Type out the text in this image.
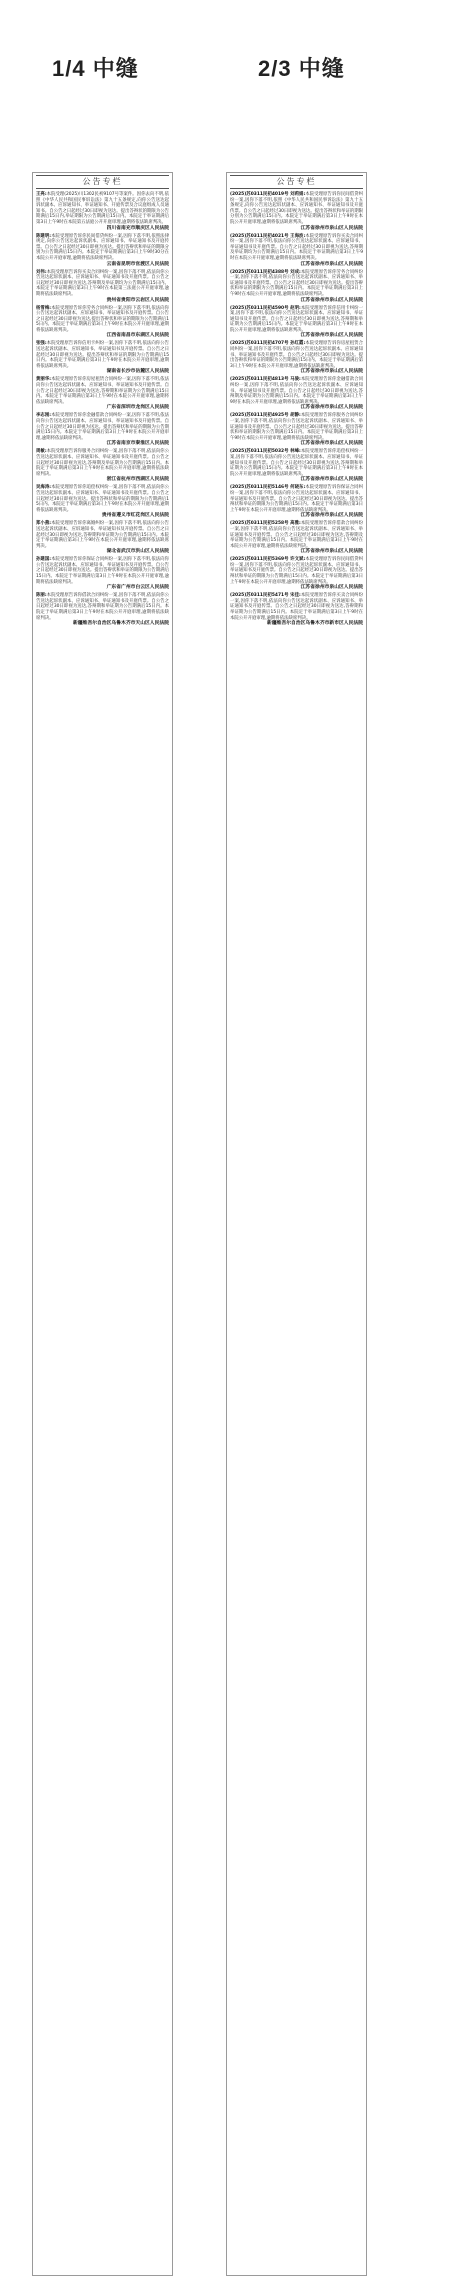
1/4 中缝	2/3 中缝
公告专栏
王亮:本院受理(2025)川1302民初9107号等案件。因你去向不明,依照《中华人民共和国民事诉讼法》第九十五条规定,向你公告送达起诉状副本、应诉通知书、举证通知书、开庭传票及合议庭组成人员通知书。自公告之日起经过30日即视为送达。提出答辩状的期限为公告期满后15日内,举证期限为公告期满后15日内。本院定于举证期满后第3日上午9时在本院第五法庭公开开庭审理,逾期将依法缺席判决。
四川省南充市顺庆区人民法院
陈建明:本院受理原告诉你民间借贷纠纷一案,因你下落不明,依照法律规定,向你公告送达起诉状副本、应诉通知书、举证通知书及开庭传票。自公告之日起经过30日即视为送达。提出答辩状和举证的期限分别为公告期满后15日内。本院定于举证期满后第3日上午9时30分在本院公开开庭审理,逾期将依法缺席判决。
云南省昆明市官渡区人民法院
刘伟:本院受理原告诉你买卖合同纠纷一案,因你下落不明,依法向你公告送达起诉状副本、应诉通知书、举证通知书及开庭传票。自公告之日起经过30日即视为送达,答辩期及举证期均为公告期满后15日内。本院定于举证期满后第3日上午9时在本院第三法庭公开开庭审理,逾期将依法缺席判决。
贵州省贵阳市云岩区人民法院
杨雪梅:本院受理原告诉你劳务合同纠纷一案,因你下落不明,依法向你公告送达起诉状副本、应诉通知书、举证通知书及开庭传票。自公告之日起经过30日即视为送达,提出答辩状和举证的期限为公告期满后15日内。本院定于举证期满后第3日上午9时在本院公开开庭审理,逾期将依法缺席判决。
江西省南昌市东湖区人民法院
张强:本院受理原告诉你信用卡纠纷一案,因你下落不明,依法向你公告送达起诉状副本、应诉通知书、举证通知书及开庭传票。自公告之日起经过30日即视为送达。提出答辩状和举证的期限为公告期满后15日内。本院定于举证期满后第3日上午9时在本院公开开庭审理,逾期将依法缺席判决。
湖南省长沙市岳麓区人民法院
黄丽华:本院受理原告诉你房屋租赁合同纠纷一案,因你下落不明,依法向你公告送达起诉状副本、应诉通知书、举证通知书及开庭传票。自公告之日起经过30日即视为送达,答辩期和举证期为公告期满后15日内。本院定于举证期满后第3日上午9时在本院公开开庭审理,逾期将依法缺席判决。
广东省深圳市龙岗区人民法院
李志刚:本院受理原告诉你金融借款合同纠纷一案,因你下落不明,依法向你公告送达起诉状副本、应诉通知书、举证通知书及开庭传票。自公告之日起经过30日即视为送达。提出答辩状和举证的期限为公告期满后15日内。本院定于举证期满后第3日上午9时在本院公开开庭审理,逾期将依法缺席判决。
江苏省南京市秦淮区人民法院
周敏:本院受理原告诉你服务合同纠纷一案,因你下落不明,依法向你公告送达起诉状副本、应诉通知书、举证通知书及开庭传票。自公告之日起经过30日即视为送达,答辩期及举证期为公告期满后15日内。本院定于举证期满后第3日上午9时在本院公开开庭审理,逾期将依法缺席判决。
浙江省杭州市西湖区人民法院
吴海涛:本院受理原告诉你追偿权纠纷一案,因你下落不明,依法向你公告送达起诉状副本、应诉通知书、举证通知书及开庭传票。自公告之日起经过30日即视为送达。提出答辩状和举证的期限为公告期满后15日内。本院定于举证期满后第3日上午9时在本院公开开庭审理,逾期将依法缺席判决。
贵州省遵义市红花岗区人民法院
郑小燕:本院受理原告诉你离婚纠纷一案,因你下落不明,依法向你公告送达起诉状副本、应诉通知书、举证通知书及开庭传票。自公告之日起经过30日即视为送达,答辩期和举证期为公告期满后15日内。本院定于举证期满后第3日上午9时在本院公开开庭审理,逾期将依法缺席判决。
湖北省武汉市洪山区人民法院
孙建国:本院受理原告诉你保证合同纠纷一案,因你下落不明,依法向你公告送达起诉状副本、应诉通知书、举证通知书及开庭传票。自公告之日起经过30日即视为送达。提出答辩状和举证的期限为公告期满后15日内。本院定于举证期满后第3日上午9时在本院公开开庭审理,逾期将依法缺席判决。
广东省广州市白云区人民法院
陈丽:本院受理原告诉你借款合同纠纷一案,因你下落不明,依法向你公告送达起诉状副本、应诉通知书、举证通知书及开庭传票。自公告之日起经过30日即视为送达,答辩期和举证期为公告期满后15日内。本院定于举证期满后第3日上午9时在本院公开开庭审理,逾期将依法缺席判决。
新疆维吾尔自治区乌鲁木齐市天山区人民法院
公告专栏
(2025)苏0311民初4019号 刘莉娟:本院受理原告诉你民间借贷纠纷一案,因你下落不明,依照《中华人民共和国民事诉讼法》第九十五条规定,向你公告送达起诉状副本、应诉通知书、举证通知书及开庭传票。自公告之日起经过30日即视为送达。提出答辩状和举证的期限分别为公告期满后15日内。本院定于举证期满后第3日上午9时在本院公开开庭审理,逾期将依法缺席判决。
江苏省徐州市泉山区人民法院
(2025)苏0311民初4021号 王海波:本院受理原告诉你买卖合同纠纷一案,因你下落不明,依法向你公告送达起诉状副本、应诉通知书、举证通知书及开庭传票。自公告之日起经过30日即视为送达,答辩期及举证期均为公告期满后15日内。本院定于举证期满后第3日上午9时在本院公开开庭审理,逾期将依法缺席判决。
江苏省徐州市泉山区人民法院
(2025)苏0311民初4388号 刘成:本院受理原告诉你劳务合同纠纷一案,因你下落不明,依法向你公告送达起诉状副本、应诉通知书、举证通知书及开庭传票。自公告之日起经过30日即视为送达。提出答辩状和举证的期限为公告期满后15日内。本院定于举证期满后第3日上午9时在本院公开开庭审理,逾期将依法缺席判决。
江苏省徐州市泉山区人民法院
(2025)苏0311民初4590号 赵明:本院受理原告诉你信用卡纠纷一案,因你下落不明,依法向你公告送达起诉状副本、应诉通知书、举证通知书及开庭传票。自公告之日起经过30日即视为送达,答辩期和举证期为公告期满后15日内。本院定于举证期满后第3日上午9时在本院公开开庭审理,逾期将依法缺席判决。
江苏省徐州市泉山区人民法院
(2025)苏0311民初4707号 孙红霞:本院受理原告诉你房屋租赁合同纠纷一案,因你下落不明,依法向你公告送达起诉状副本、应诉通知书、举证通知书及开庭传票。自公告之日起经过30日即视为送达。提出答辩状和举证的期限为公告期满后15日内。本院定于举证期满后第3日上午9时在本院公开开庭审理,逾期将依法缺席判决。
江苏省徐州市泉山区人民法院
(2025)苏0311民初4813号 马骏:本院受理原告诉你金融借款合同纠纷一案,因你下落不明,依法向你公告送达起诉状副本、应诉通知书、举证通知书及开庭传票。自公告之日起经过30日即视为送达,答辩期及举证期为公告期满后15日内。本院定于举证期满后第3日上午9时在本院公开开庭审理,逾期将依法缺席判决。
江苏省徐州市泉山区人民法院
(2025)苏0311民初4925号 胡静:本院受理原告诉你服务合同纠纷一案,因你下落不明,依法向你公告送达起诉状副本、应诉通知书、举证通知书及开庭传票。自公告之日起经过30日即视为送达。提出答辩状和举证的期限为公告期满后15日内。本院定于举证期满后第3日上午9时在本院公开开庭审理,逾期将依法缺席判决。
江苏省徐州市泉山区人民法院
(2025)苏0311民初5032号 林峰:本院受理原告诉你追偿权纠纷一案,因你下落不明,依法向你公告送达起诉状副本、应诉通知书、举证通知书及开庭传票。自公告之日起经过30日即视为送达,答辩期和举证期为公告期满后15日内。本院定于举证期满后第3日上午9时在本院公开开庭审理,逾期将依法缺席判决。
江苏省徐州市泉山区人民法院
(2025)苏0311民初5146号 何晓东:本院受理原告诉你保证合同纠纷一案,因你下落不明,依法向你公告送达起诉状副本、应诉通知书、举证通知书及开庭传票。自公告之日起经过30日即视为送达。提出答辩状和举证的期限为公告期满后15日内。本院定于举证期满后第3日上午9时在本院公开开庭审理,逾期将依法缺席判决。
江苏省徐州市泉山区人民法院
(2025)苏0311民初5258号 高雅:本院受理原告诉你借款合同纠纷一案,因你下落不明,依法向你公告送达起诉状副本、应诉通知书、举证通知书及开庭传票。自公告之日起经过30日即视为送达,答辩期及举证期为公告期满后15日内。本院定于举证期满后第3日上午9时在本院公开开庭审理,逾期将依法缺席判决。
江苏省徐州市泉山区人民法院
(2025)苏0311民初5369号 许文斌:本院受理原告诉你民间借贷纠纷一案,因你下落不明,依法向你公告送达起诉状副本、应诉通知书、举证通知书及开庭传票。自公告之日起经过30日即视为送达。提出答辩状和举证的期限为公告期满后15日内。本院定于举证期满后第3日上午9时在本院公开开庭审理,逾期将依法缺席判决。
江苏省徐州市泉山区人民法院
(2025)苏0311民初5471号 宋佳:本院受理原告诉你买卖合同纠纷一案,因你下落不明,依法向你公告送达起诉状副本、应诉通知书、举证通知书及开庭传票。自公告之日起经过30日即视为送达,答辩期和举证期为公告期满后15日内。本院定于举证期满后第3日上午9时在本院公开开庭审理,逾期将依法缺席判决。
新疆维吾尔自治区乌鲁木齐市新市区人民法院
